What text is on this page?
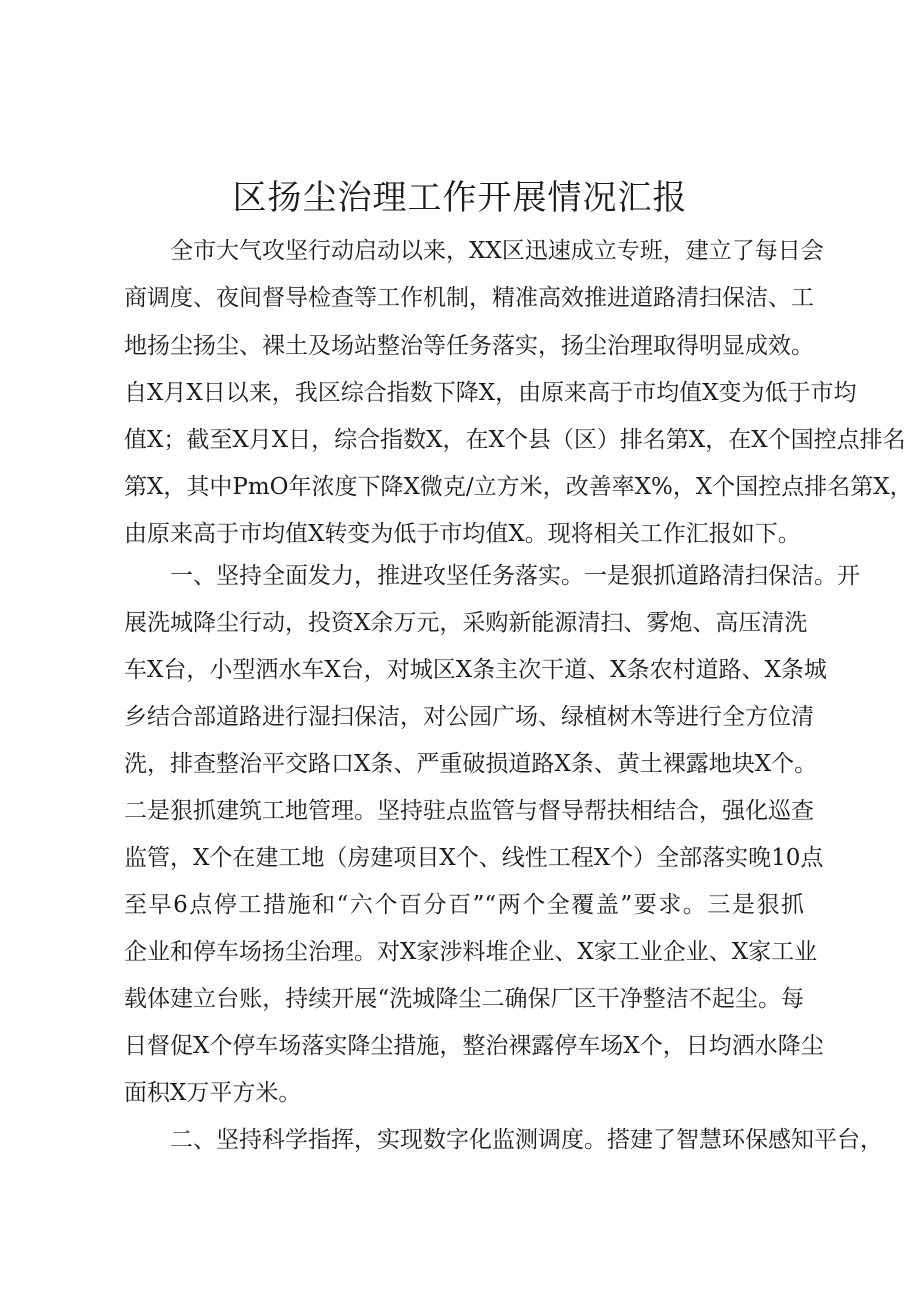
区扬尘治理工作开展情况汇报
全市大气攻坚行动启动以来，XX区迅速成立专班，建立了每日会
商调度、夜间督导检查等工作机制，精准高效推进道路清扫保洁、工
地扬尘扬尘、裸土及场站整治等任务落实，扬尘治理取得明显成效。
自X月X日以来，我区综合指数下降X，由原来高于市均值X变为低于市均
值X；截至X月X日，综合指数X，在X个县（区）排名第X，在X个国控点排名
第X，其中PmO年浓度下降X微克/立方米，改善率X%，X个国控点排名第X，
由原来高于市均值X转变为低于市均值X。现将相关工作汇报如下。
一、坚持全面发力，推进攻坚任务落实。一是狠抓道路清扫保洁。开
展洗城降尘行动，投资X余万元，采购新能源清扫、雾炮、高压清洗
车X台，小型洒水车X台，对城区X条主次干道、X条农村道路、X条城
乡结合部道路进行湿扫保洁，对公园广场、绿植树木等进行全方位清
洗，排查整治平交路口X条、严重破损道路X条、黄土裸露地块X个。
二是狠抓建筑工地管理。坚持驻点监管与督导帮扶相结合，强化巡查
监管，X个在建工地（房建项目X个、线性工程X个）全部落实晚10点
至早6点停工措施和“六个百分百”“两个全覆盖”要求。三是狠抓
企业和停车场扬尘治理。对X家涉料堆企业、X家工业企业、X家工业
载体建立台账，持续开展“洗城降尘二确保厂区干净整洁不起尘。每
日督促X个停车场落实降尘措施，整治裸露停车场X个，日均洒水降尘
面积X万平方米。
二、坚持科学指挥，实现数字化监测调度。搭建了智慧环保感知平台，
